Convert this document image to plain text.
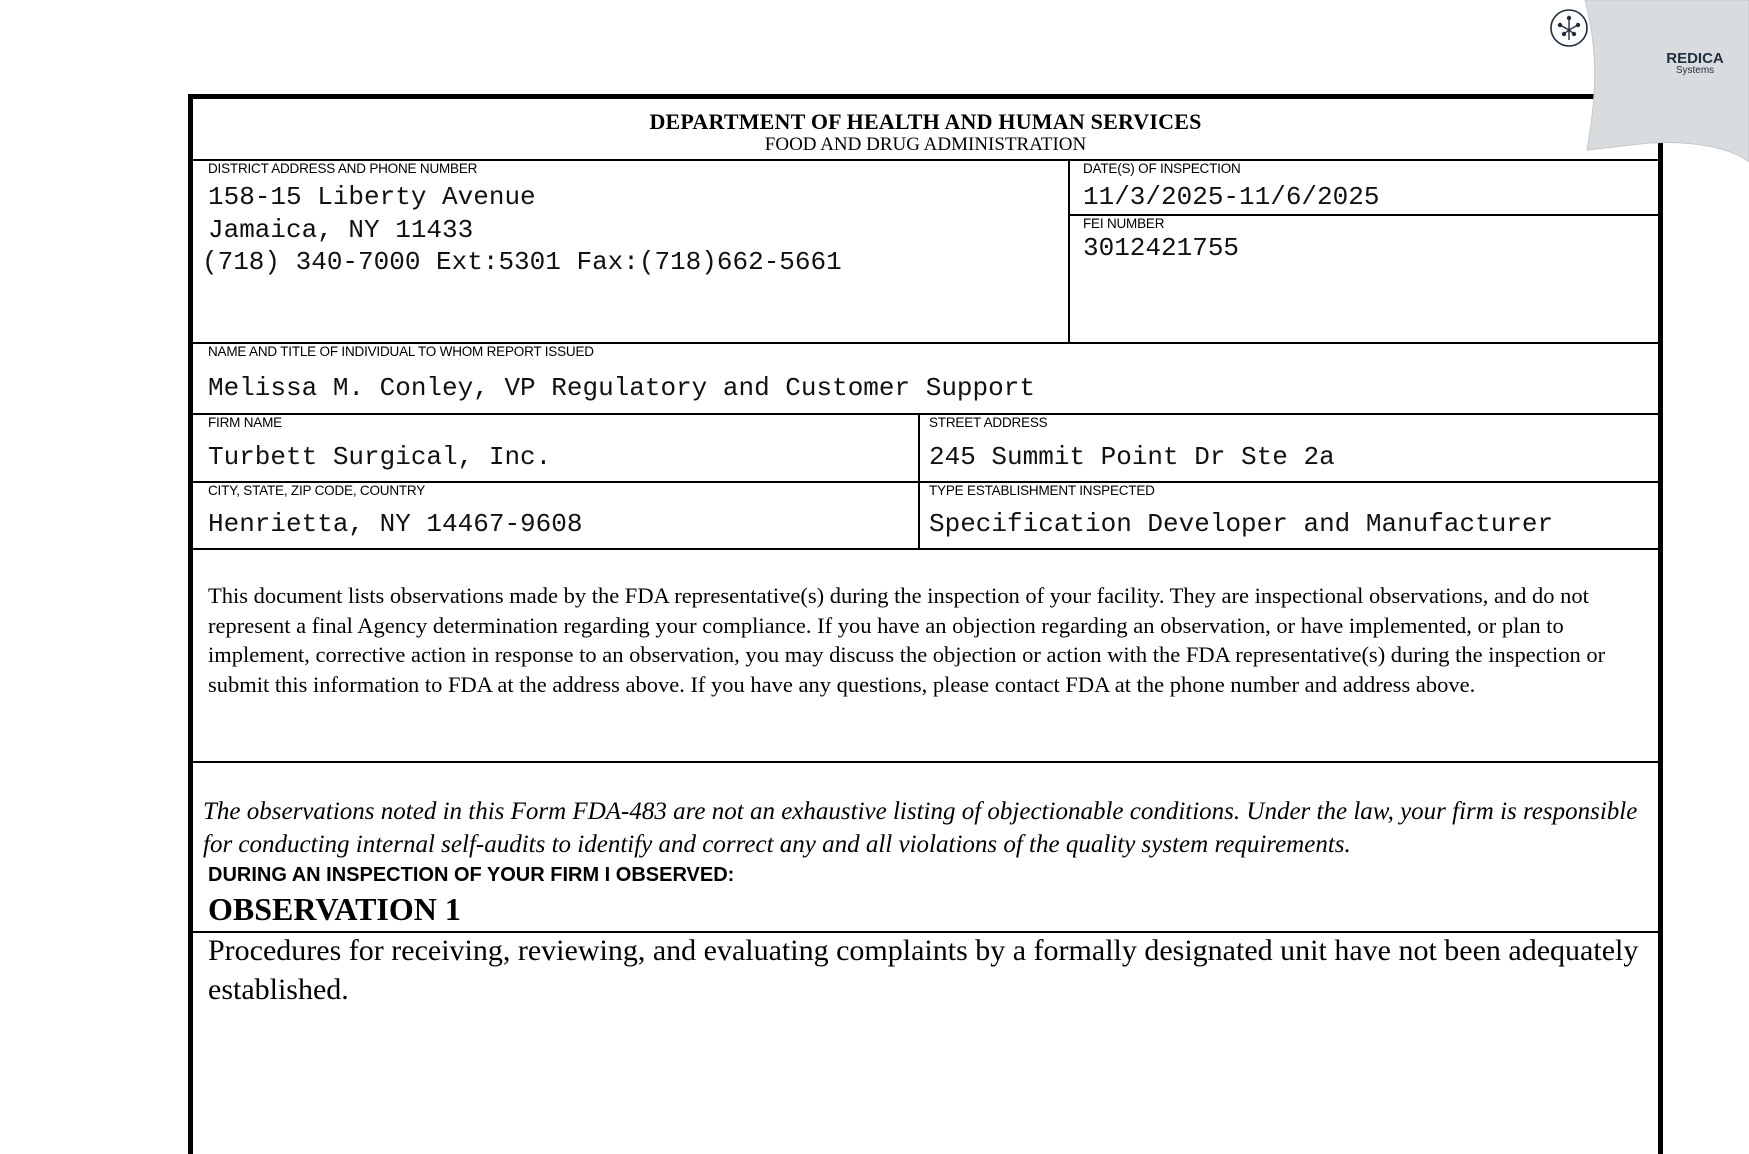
DEPARTMENT OF HEALTH AND HUMAN SERVICES
FOOD AND DRUG ADMINISTRATION
DISTRICT ADDRESS AND PHONE NUMBER
158-15 Liberty Avenue
Jamaica, NY 11433
(718) 340-7000 Ext:5301 Fax:(718)662-5661
DATE(S) OF INSPECTION
11/3/2025-11/6/2025
FEI NUMBER
3012421755
NAME AND TITLE OF INDIVIDUAL TO WHOM REPORT ISSUED
Melissa M. Conley, VP Regulatory and Customer Support
FIRM NAME
Turbett Surgical, Inc.
STREET ADDRESS
245 Summit Point Dr Ste 2a
CITY, STATE, ZIP CODE, COUNTRY
Henrietta, NY 14467-9608
TYPE ESTABLISHMENT INSPECTED
Specification Developer and Manufacturer
This document lists observations made by the FDA representative(s) during the inspection of your facility. They are inspectional observations, and do not represent a final Agency determination regarding your compliance. If you have an objection regarding an observation, or have implemented, or plan to implement, corrective action in response to an observation, you may discuss the objection or action with the FDA representative(s) during the inspection or submit this information to FDA at the address above. If you have any questions, please contact FDA at the phone number and address above.
The observations noted in this Form FDA-483 are not an exhaustive listing of objectionable conditions. Under the law, your firm is responsible for conducting internal self-audits to identify and correct any and all violations of the quality system requirements.
DURING AN INSPECTION OF YOUR FIRM I OBSERVED:
OBSERVATION 1
Procedures for receiving, reviewing, and evaluating complaints by a formally designated unit have not been adequately established.
REDICA
Systems
